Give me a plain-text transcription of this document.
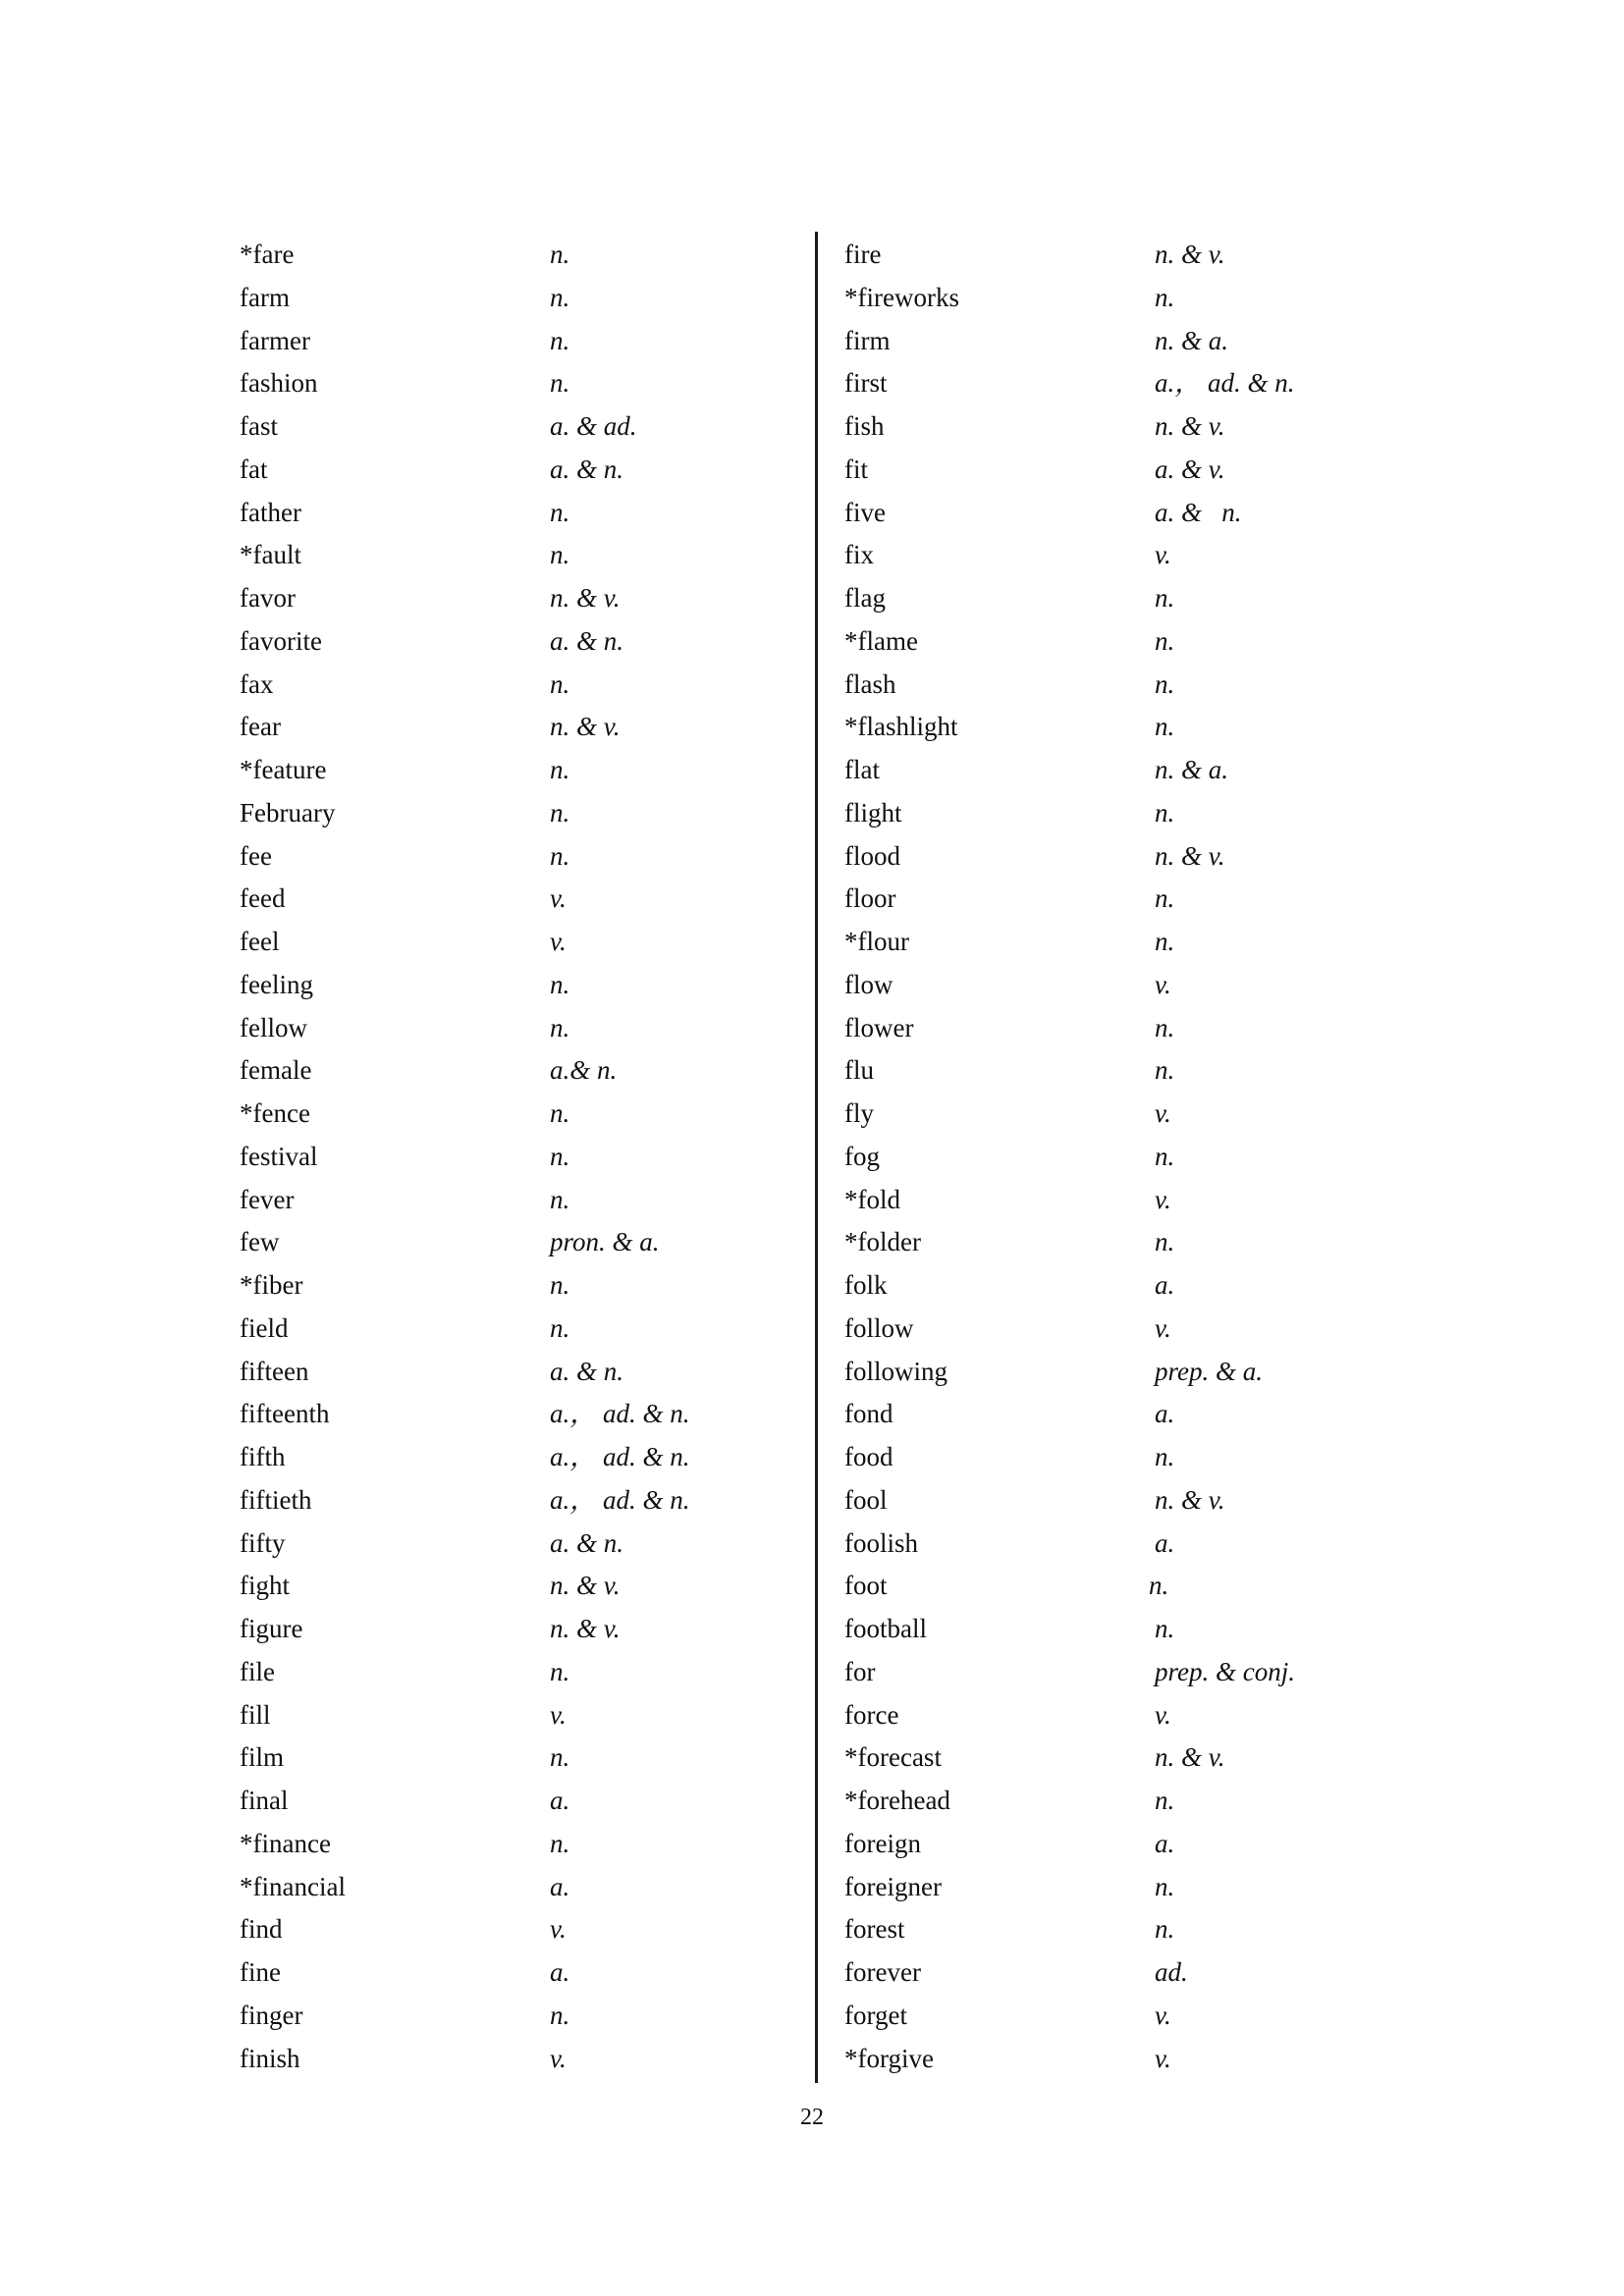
*fare	n.
farm	n.
farmer	n.
fashion	n.
fast	a. & ad.
fat	a. & n.
father	n.
*fault	n.
favor	n. & v.
favorite	a. & n.
fax	n.
fear	n. & v.
*feature	n.
February	n.
fee	n.
feed	v.
feel	v.
feeling	n.
fellow	n.
female	a.& n.
*fence	n.
festival	n.
fever	n.
few	pron. & a.
*fiber	n.
field	n.
fifteen	a. & n.
fifteenth	a.， ad. & n.
fifth	a.， ad. & n.
fiftieth	a.， ad. & n.
fifty	a. & n.
fight	n. & v.
figure	n. & v.
file	n.
fill	v.
film	n.
final	a.
*finance	n.
*financial	a.
find	v.
fine	a.
finger	n.
finish	v.
fire	n. & v.
*fireworks	n.
firm	n. & a.
first	a.， ad. & n.
fish	n. & v.
fit	a. & v.
five	a. &   n.
fix	v.
flag	n.
*flame	n.
flash	n.
*flashlight	n.
flat	n. & a.
flight	n.
flood	n. & v.
floor	n.
*flour	n.
flow	v.
flower	n.
flu	n.
fly	v.
fog	n.
*fold	v.
*folder	n.
folk	a.
follow	v.
following	prep. & a.
fond	a.
food	n.
fool	n. & v.
foolish	a.
foot	n.
football	n.
for	prep. & conj.
force	v.
*forecast	n. & v.
*forehead	n.
foreign	a.
foreigner	n.
forest	n.
forever	ad.
forget	v.
*forgive	v.
22
